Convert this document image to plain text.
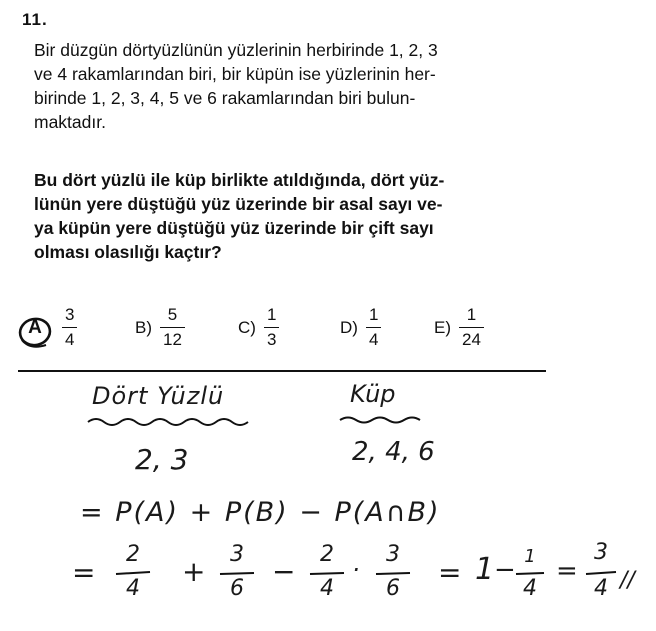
11.

Bir düzgün dörtyüzlünün yüzlerinin herbirinde 1, 2, 3

ve 4 rakamlarından biri, bir küpün ise yüzlerinin her-

birinde 1, 2, 3, 4, 5 ve 6 rakamlarından biri bulun-

maktadır.

Bu dört yüzlü ile küp birlikte atıldığında, dört yüz-

lünün yere düştüğü yüz üzerinde bir asal sayı ve-

ya küpün yere düştüğü yüz üzerinde bir çift sayı

olması olasılığı kaçtır?

A	$\frac{3}{4}$	$B) \frac{5}{12}$	$C) \frac{1}{3}$	$D) \frac{1}{4}$	$E) \frac{1}{24}$
Dört Yüzlü	Küp
2, 3	2, 4, 6
= P(A) + P(B) − P(A∩B)
=
2
4
+
3
6
−
2
4
·
3
6 = 1 − 1
4
=
3
4 //
